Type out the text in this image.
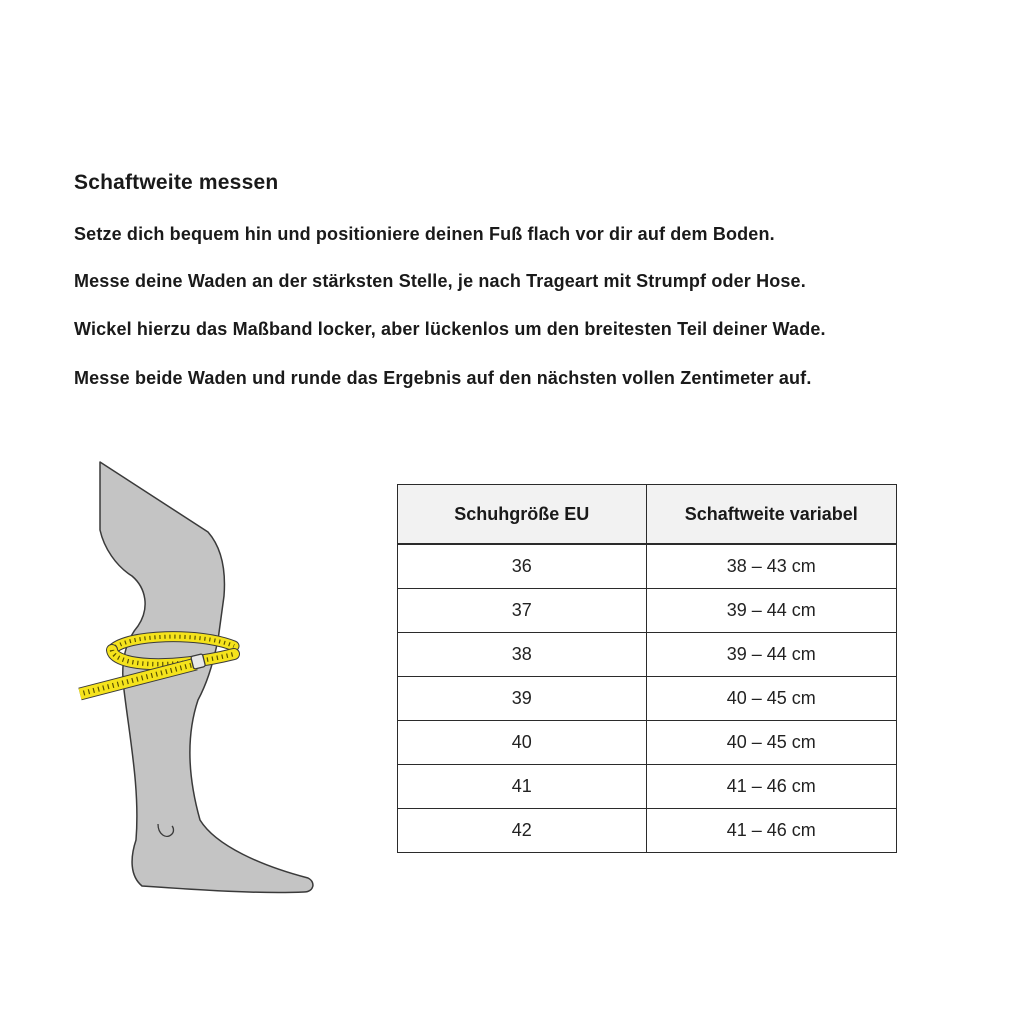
Schaftweite messen

Setze dich bequem hin und positioniere deinen Fuß flach vor dir auf dem Boden.

Messe deine Waden an der stärksten Stelle, je nach Trageart mit Strumpf oder Hose.

Wickel hierzu das Maßband locker, aber lückenlos um den breitesten Teil deiner Wade.

Messe beide Waden und runde das Ergebnis auf den nächsten vollen Zentimeter auf.

Schuhgröße EU	Schaftweite variabel
36	38 – 43 cm
37	39 – 44 cm
38	39 – 44 cm
39	40 – 45 cm
40	40 – 45 cm
41	41 – 46 cm
42	41 – 46 cm
